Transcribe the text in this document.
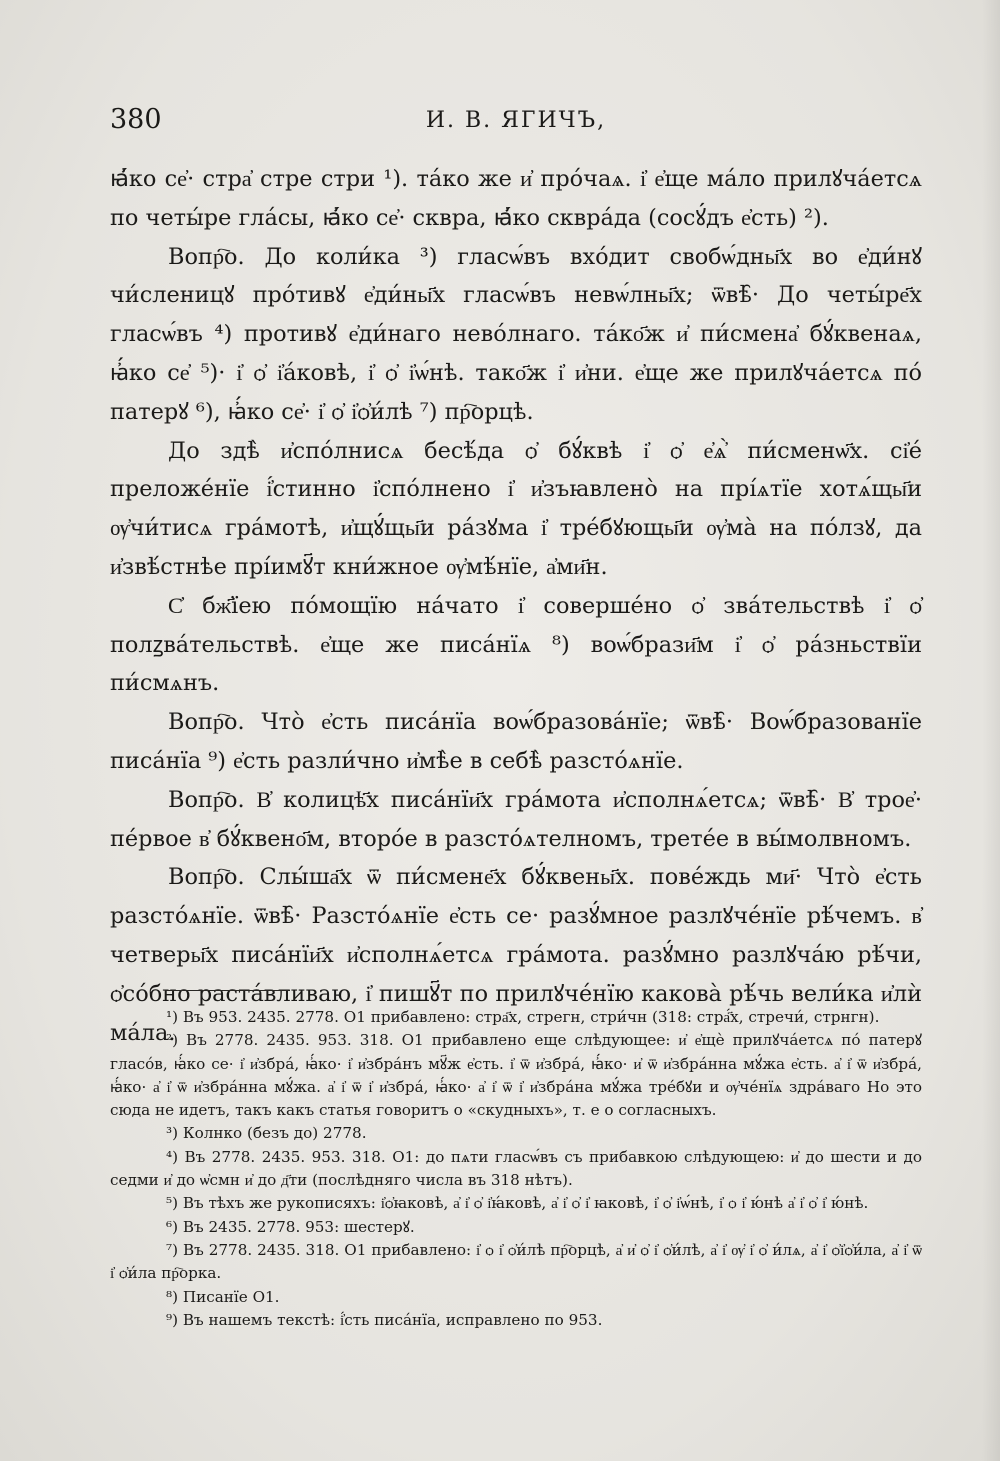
380	И. В. ЯГИЧЪ,

ꙗ҆́ко се҆· стра҆ стре стри ¹). та́ко же и҆ про́чаѧ. і҆ е҆ще ма́ло прилꙋча́етсѧ по четы́ре гла́сы, ꙗ҆́ко се҆· сквра, ꙗ҆́ко сквра́да (сосꙋ́дъ е҆сть) ²).

Вопр҇о. До коли́ка ³) гласѡ́въ вхо́дит свобѡ́дны҃х во е҆ди́нꙋ чи́сленицꙋ про́тивꙋ е҆ди́ны҃х гласѡ́въ невѡ́лны҃х; ѿвѣ̑· До четы́ре҃х гласѡ́въ ⁴) противꙋ е҆ди́наго нево́лнаго. та́ко҃ж и҆ пи́смена҆ бꙋ́квенаѧ, ꙗ҆́ко се҆ ⁵)· і҆ ѻ҆ і҆а́ковѣ, і҆ ѻ҆ і҆ѡ́нѣ. тако҃ж і҆ и҆ни. е҆ще же прилꙋча́етсѧ по́ патерꙋ ⁶), ꙗ҆́ко се҆· і҆ ѻ҆ і҆ѻ҆и́лѣ ⁷) пр҇орцѣ.

До здѣ̀ и҆спо́лнисѧ бесѣ́да ѻ҆ бꙋ́квѣ і҆ ѻ҆ е҆ѧ҆̀ пи́сменѡ҃х. сі҆е́ преложе́нїе і҆́стинно і҆спо́лнено і҆ и҆зъꙗвлено̀ на прі́ѧтїе хотѧ́щы҃и ѹ҆чи́тисѧ гра́мотѣ, и҆щꙋ́щы҃и ра́зꙋма і҆ тре́бꙋющы҃и ѹ҆ма̀ на по́лзꙋ, да и҆звѣ́стнѣе прі́имꙋ҃т кни́жное ѹ҆мѣ́нїе, а҆ми҃н.

С҆ бж҃їею по́мощїю на́чато і҆ соверше́но ѻ҆ зва́тельствѣ і҆ ѻ҆ полꙁва́тельствѣ. е҆ще же писа́нїѧ ⁸) воѡ́брази҃м і҆ ѻ҆ ра́зньствїи пи́смѧнъ.

Вопр҇о. Что̀ е҆сть писа́нїа воѡ́бразова́нїе; ѿвѣ̑· Воѡ́бразованїе писа́нїа ⁹) е҆сть разли́чно и҆мѣ̀е в себѣ̀ разсто́ѧнїе.

Вопр҇о. В҆ колицѣ҃х писа́нїи҃х гра́мота и҆сполнѧ́етсѧ; ѿвѣ̑· В҆ трое҆· пе́рвое в҆ бꙋ́квено҃м, второ́е в разсто́ѧтелномъ, трете́е в вы́молвномъ.

Вопр҇о. Слы́ша҃х ѿ пи́смене҃х бꙋ́квены҃х. пове́ждь ми҃· Что̀ е҆сть разсто́ѧнїе. ѿвѣ̑· Разсто́ѧнїе е҆сть се· разꙋ́мное разлꙋче́нїе рѣ́чемъ. в҆ четверы҃х писа́нїи҃х и҆сполнѧ́етсѧ гра́мота. разꙋ́мно разлꙋча́ю рѣ́чи, ѻ҆со́бно раста́вливаю, і҆ пишꙋ҃т по прилꙋче́нїю какова̀ рѣ́чь вели́ка и҆лѝ ма́ла.

¹) Въ 953. 2435. 2778. О1 прибавлено: стра҃х, стрегн, стри́чн (318: стра́҃х, стречи́, стрнгн).

²) Въ 2778. 2435. 953. 318. О1 прибавлено еще слѣдующее: и҆ е҆щѐ прилꙋча́етсѧ по́ патерꙋ гласо́в, ꙗ҆́ко се· і҆ и҆збра́, ꙗ҆́ко· і҆ и҆збра́нъ мꙋ҃ж е҆сть. і҆ ѿ и҆збра́, ꙗ҆́ко· и҆ ѿ и҆збра́нна мꙋ́жа е҆сть. а҆ і҆ ѿ и҆збра́, ꙗ҆́ко· а҆ і҆ ѿ и҆збра́нна мꙋ́жа. а҆ і҆ ѿ і҆ и҆збра́, ꙗ҆́ко· а҆ і҆ ѿ і҆ и҆збра́на мꙋ́жа тре́бꙋи и ѹ҆че́нїѧ здра́ваго Но это сюда не идетъ, такъ какъ статья говоритъ о «скудныхъ», т. е о согласныхъ.

³) Колнко (безъ до) 2778.

⁴) Въ 2778. 2435. 953. 318. О1: до пѧти гласѡ́въ съ прибавкою слѣдующею: и҆ до шести и до седми и҆ до ѡ҆смн и҆ до д҃ти (послѣдняго числа въ 318 нѣтъ).

⁵) Въ тѣхъ же рукописяхъ: і҆ѻ҆ꙗковѣ, а҆ і҆ ѻ҆ і҆ꙗ́ковѣ, а҆ і҆ ѻ҆ і҆ ꙗковѣ, і҆ ѻ҆ і҆ѡ́нѣ, і҆ ѻ і҆ ю́нѣ а҆ і҆ ѻ҆ і҆ ю́нѣ.

⁶) Въ 2435. 2778. 953: шестерꙋ.

⁷) Въ 2778. 2435. 318. О1 прибавлено: і҆ ѻ і҆ ѻ҆и́лѣ пр҇орцѣ, а҆ и҆ ѻ҆ і҆ ѻ҆и́лѣ, а҆ і҆ ѹ҆ і҆ ѻ҆ и́лѧ, а҆ і҆ ѻ҆і҆ѻ҆и́ла, а҆ і҆ ѿ і҆ ѻ҆и́ла пр҇орка.

⁸) Писанїе О1.

⁹) Въ нашемъ текстѣ: і҆́сть писа́нїа, исправлено по 953.
